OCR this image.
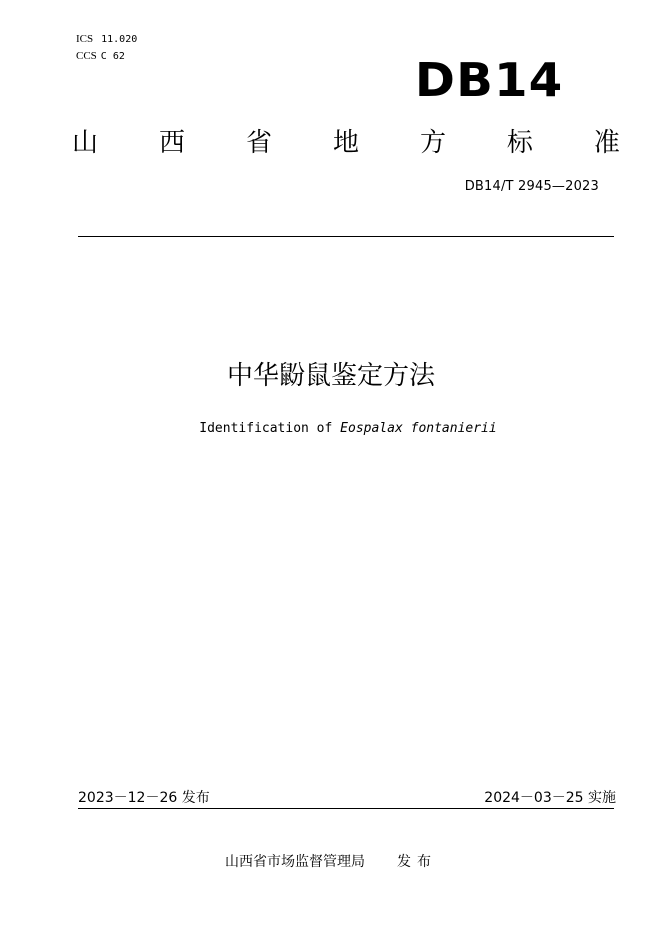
ICS 11.020
CCS C 62	DB14
山 西 省 地 方 标 准
DB14/T 2945—2023
中华鼢鼠鉴定方法
Identification of Eospalax fontanierii
2023－12－26 发布	2024－03－25 实施
山西省市场监督管理局 发布
